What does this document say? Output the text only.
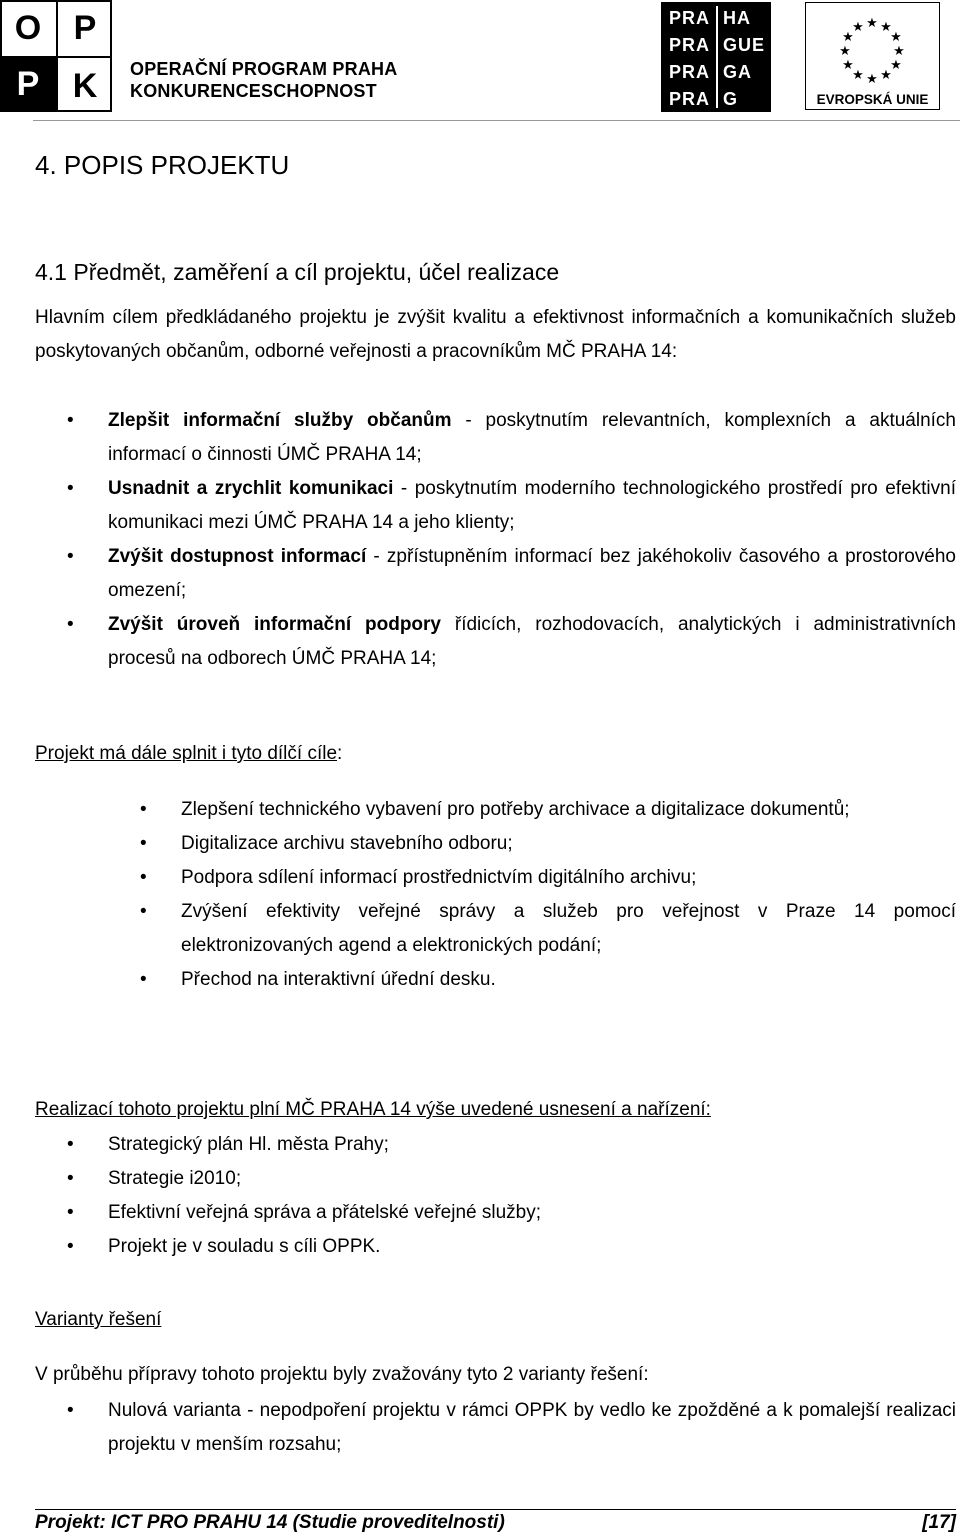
O P
P K	OPERAČNÍ PROGRAM PRAHA
KONKURENCESCHOPNOST
PRA
PRA
PRA
PRA
HA
GUE
GA
G
★ ★
★
★
★
★
★
★
★
★
★
★
EVROPSKÁ UNIE
4. POPIS PROJEKTU
4.1 Předmět, zaměření a cíl projektu, účel realizace
Hlavním cílem předkládaného projektu je zvýšit kvalitu a efektivnost informačních a komunikačních služeb poskytovaných občanům, odborné veřejnosti a pracovníkům MČ PRAHA 14:
• Zlepšit informační služby občanům - poskytnutím relevantních, komplexních a aktuálních informací o činnosti ÚMČ PRAHA 14;
• Usnadnit a zrychlit komunikaci - poskytnutím moderního technologického prostředí pro efektivní komunikaci mezi ÚMČ PRAHA 14 a jeho klienty;
• Zvýšit dostupnost informací - zpřístupněním informací bez jakéhokoliv časového a prostorového omezení;
• Zvýšit úroveň informační podpory řídicích, rozhodovacích, analytických i administrativních procesů na odborech ÚMČ PRAHA 14;
Projekt má dále splnit i tyto dílčí cíle:
• Zlepšení technického vybavení pro potřeby archivace a digitalizace dokumentů;
• Digitalizace archivu stavebního odboru;
• Podpora sdílení informací prostřednictvím digitálního archivu;
• Zvýšení efektivity veřejné správy a služeb pro veřejnost v Praze 14 pomocí elektronizovaných agend a elektronických podání;
• Přechod na interaktivní úřední desku.
Realizací tohoto projektu plní MČ PRAHA 14 výše uvedené usnesení a nařízení:
• Strategický plán Hl. města Prahy;
• Strategie i2010;
• Efektivní veřejná správa a přátelské veřejné služby;
• Projekt je v souladu s cíli OPPK.
Varianty řešení
V průběhu přípravy tohoto projektu byly zvažovány tyto 2 varianty řešení:
• Nulová varianta - nepodpoření projektu v rámci OPPK by vedlo ke zpožděné a k pomalejší realizaci projektu v menším rozsahu;
Projekt: ICT PRO PRAHU 14 (Studie proveditelnosti)	[17]
